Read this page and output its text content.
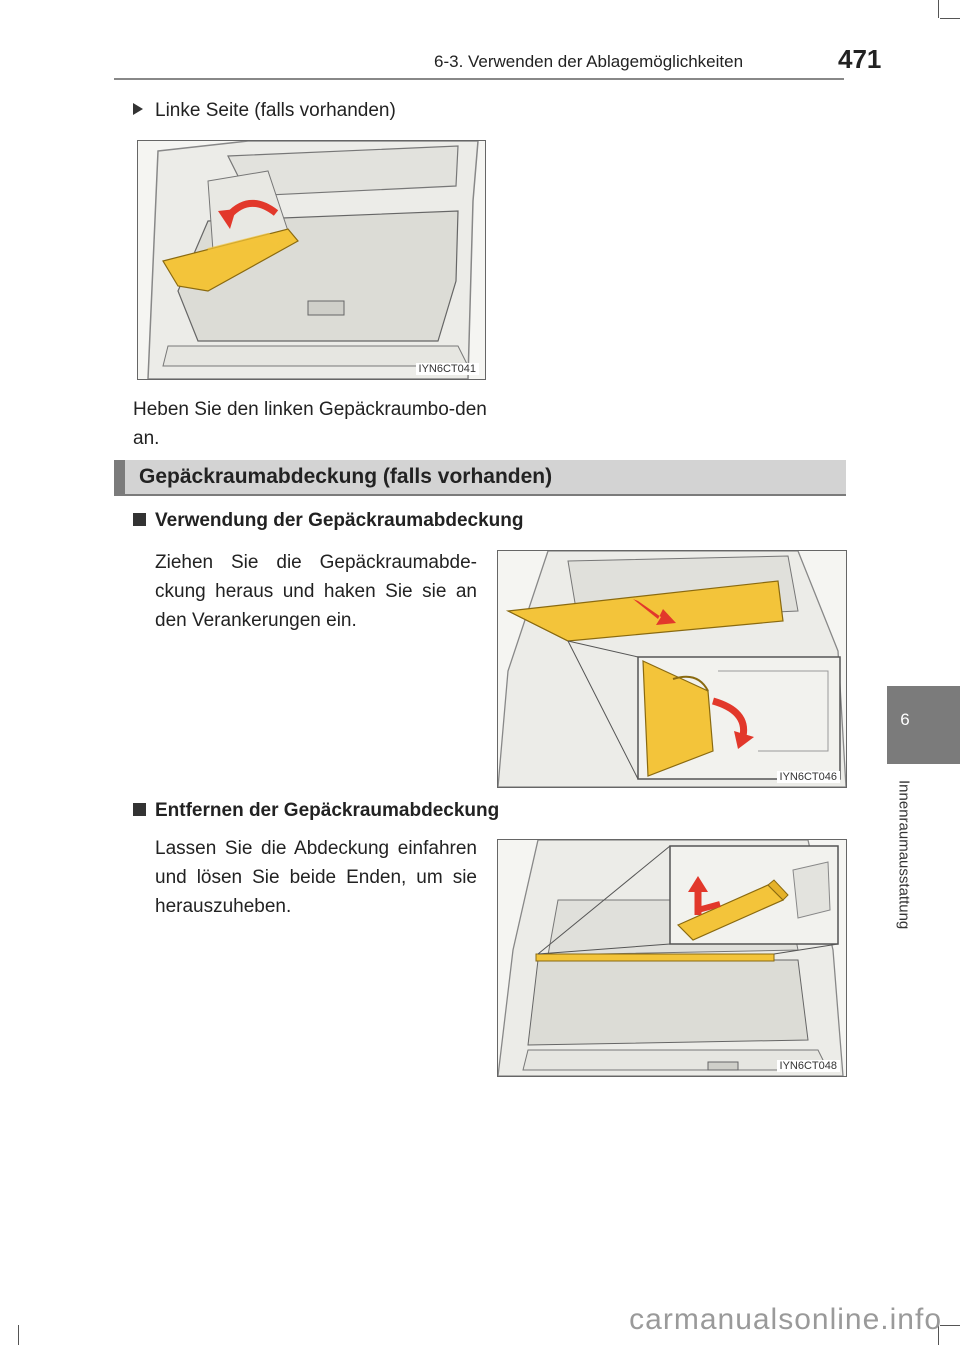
6-3. Verwenden der Ablagemöglichkeiten	471
6
Innenraumausstattung
Linke Seite (falls vorhanden)
IYN6CT041
Heben Sie den linken Gepäckraumbo-den an.
Gepäckraumabdeckung (falls vorhanden)
Verwendung der Gepäckraumabdeckung
Ziehen Sie die Gepäckraumabde-ckung heraus und haken Sie sie an den Verankerungen ein.
IYN6CT046
Entfernen der Gepäckraumabdeckung
Lassen Sie die Abdeckung einfahren und lösen Sie beide Enden, um sie herauszuheben.
IYN6CT048
carmanualsonline.info
